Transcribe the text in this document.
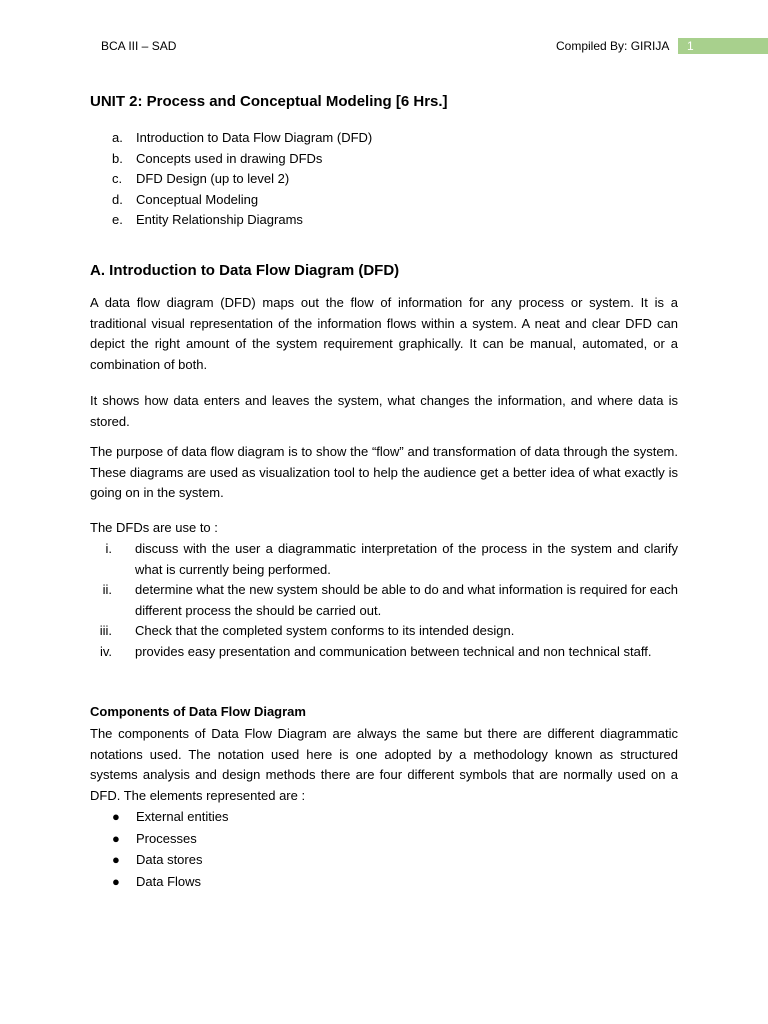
BCA III – SAD	Compiled By: GIRIJA 1
UNIT 2: Process and Conceptual Modeling [6 Hrs.]
a. Introduction to Data Flow Diagram (DFD)
b. Concepts used in drawing DFDs
c. DFD Design (up to level 2)
d. Conceptual Modeling
e. Entity Relationship Diagrams
A. Introduction to Data Flow Diagram (DFD)

A data flow diagram (DFD) maps out the flow of information for any process or system. It is a traditional visual representation of the information flows within a system. A neat and clear DFD can depict the right amount of the system requirement graphically. It can be manual, automated, or a combination of both.

It shows how data enters and leaves the system, what changes the information, and where data is stored.

The purpose of data flow diagram is to show the “flow” and transformation of data through the system. These diagrams are used as visualization tool to help the audience get a better idea of what exactly is going on in the system.

The DFDs are use to :

i. discuss with the user a diagrammatic interpretation of the process in the system and clarify what is currently being performed.
ii. determine what the new system should be able to do and what information is required for each different process the should be carried out.
iii. Check that the completed system conforms to its intended design.
iv. provides easy presentation and communication between technical and non technical staff.
Components of Data Flow Diagram

The components of Data Flow Diagram are always the same but there are different diagrammatic notations used. The notation used here is one adopted by a methodology known as structured systems analysis and design methods there are four different symbols that are normally used on a DFD. The elements represented are :

● External entities
● Processes
● Data stores
● Data Flows
